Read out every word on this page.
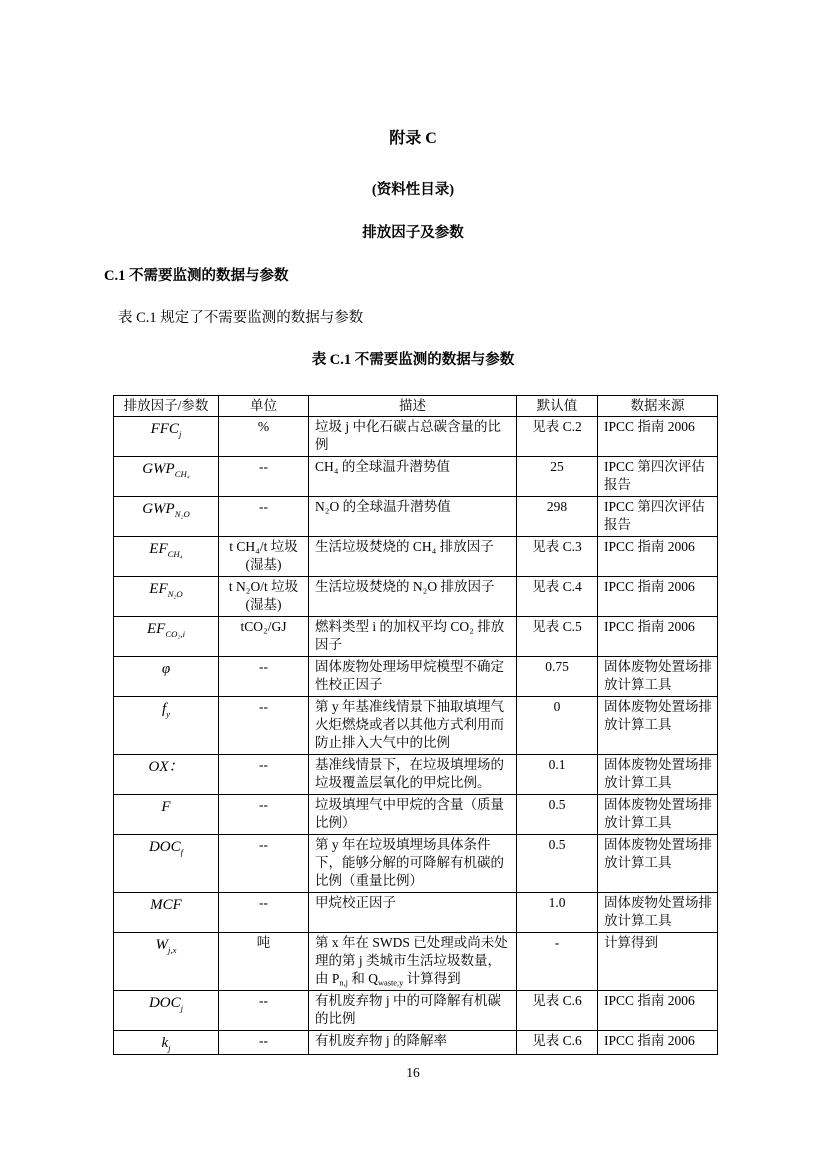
附录 C
(资料性目录)
排放因子及参数
C.1 不需要监测的数据与参数
表 C.1 规定了不需要监测的数据与参数
表 C.1 不需要监测的数据与参数
排放因子/参数	单位	描述	默认值	数据来源
$FFC_j$	%	垃圾 j 中化石碳占总碳含量的比例	见表 C.2	IPCC 指南 2006
$GWP_{CH_4}$	--	CH₄ 的全球温升潜势值	25	IPCC 第四次评估报告
$GWP_{N_2O}$	--	N₂O 的全球温升潜势值	298	IPCC 第四次评估报告
$EF_{CH_4}$	t CH₄/t 垃圾(湿基)	生活垃圾焚烧的 CH₄ 排放因子	见表 C.3	IPCC 指南 2006
$EF_{N_2O}$	t N₂O/t 垃圾(湿基)	生活垃圾焚烧的 N₂O 排放因子	见表 C.4	IPCC 指南 2006
$EF_{CO_2,i}$	tCO₂/GJ	燃料类型 i 的加权平均 CO₂ 排放因子	见表 C.5	IPCC 指南 2006
φ	--	固体废物处理场甲烷模型不确定性校正因子	0.75	固体废物处置场排放计算工具
$f_y$	--	第 y 年基准线情景下抽取填埋气火炬燃烧或者以其他方式利用而防止排入大气中的比例	0	固体废物处置场排放计算工具
OX：	--	基准线情景下，在垃圾填埋场的垃圾覆盖层氧化的甲烷比例。	0.1	固体废物处置场排放计算工具
F	--	垃圾填埋气中甲烷的含量（质量比例）	0.5	固体废物处置场排放计算工具
$DOC_f$	--	第 y 年在垃圾填埋场具体条件下，能够分解的可降解有机碳的比例（重量比例）	0.5	固体废物处置场排放计算工具
MCF	--	甲烷校正因子	1.0	固体废物处置场排放计算工具
$W_{j,x}$	吨	第 x 年在 SWDS 已处理或尚未处理的第 j 类城市生活垃圾数量，由 $P_{n,j}$ 和 $Q_{waste,y}$ 计算得到	-	计算得到
$DOC_j$	--	有机废弃物 j 中的可降解有机碳的比例	见表 C.6	IPCC 指南 2006
$k_j$	--	有机废弃物 j 的降解率	见表 C.6	IPCC 指南 2006
16
